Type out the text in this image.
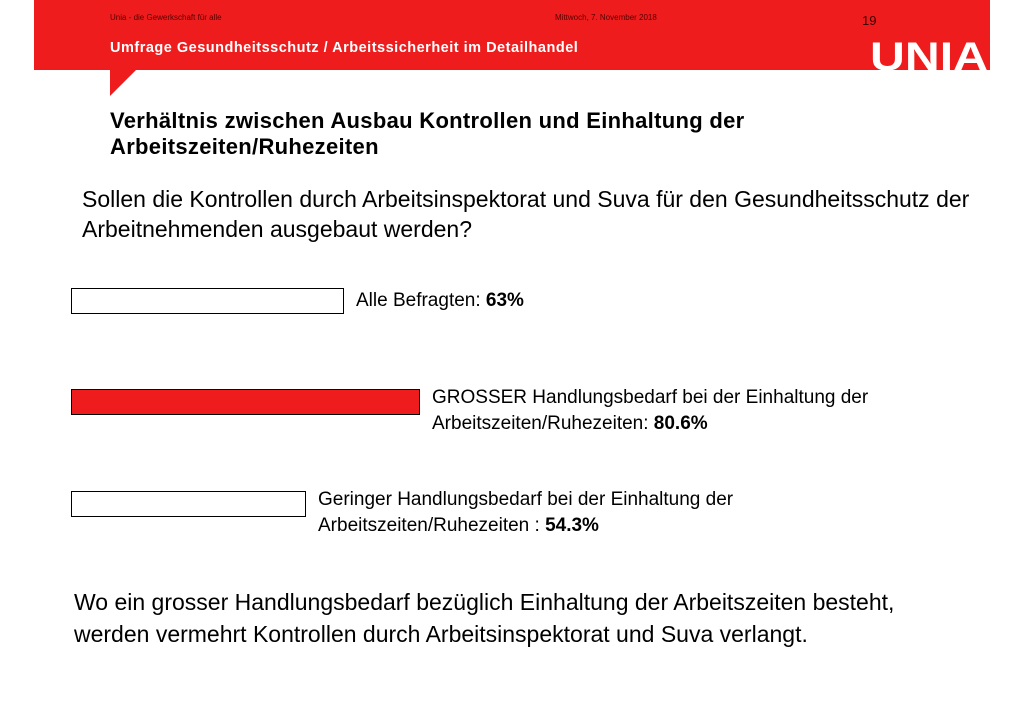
Unia - die Gewerkschaft für alle	Mittwoch, 7. November 2018	19
Umfrage Gesundheitsschutz / Arbeitssicherheit im Detailhandel	UNIA
Verhältnis zwischen Ausbau Kontrollen und Einhaltung der Arbeitszeiten/Ruhezeiten
Sollen die Kontrollen durch Arbeitsinspektorat und Suva für den Gesundheitsschutz der Arbeitnehmenden ausgebaut werden?
Alle Befragten: 63%
GROSSER Handlungsbedarf bei der Einhaltung der Arbeitszeiten/Ruhezeiten: 80.6%
Geringer Handlungsbedarf bei der Einhaltung der Arbeitszeiten/Ruhezeiten : 54.3%
Wo ein grosser Handlungsbedarf bezüglich Einhaltung der Arbeitszeiten besteht, werden vermehrt Kontrollen durch Arbeitsinspektorat und Suva verlangt.
